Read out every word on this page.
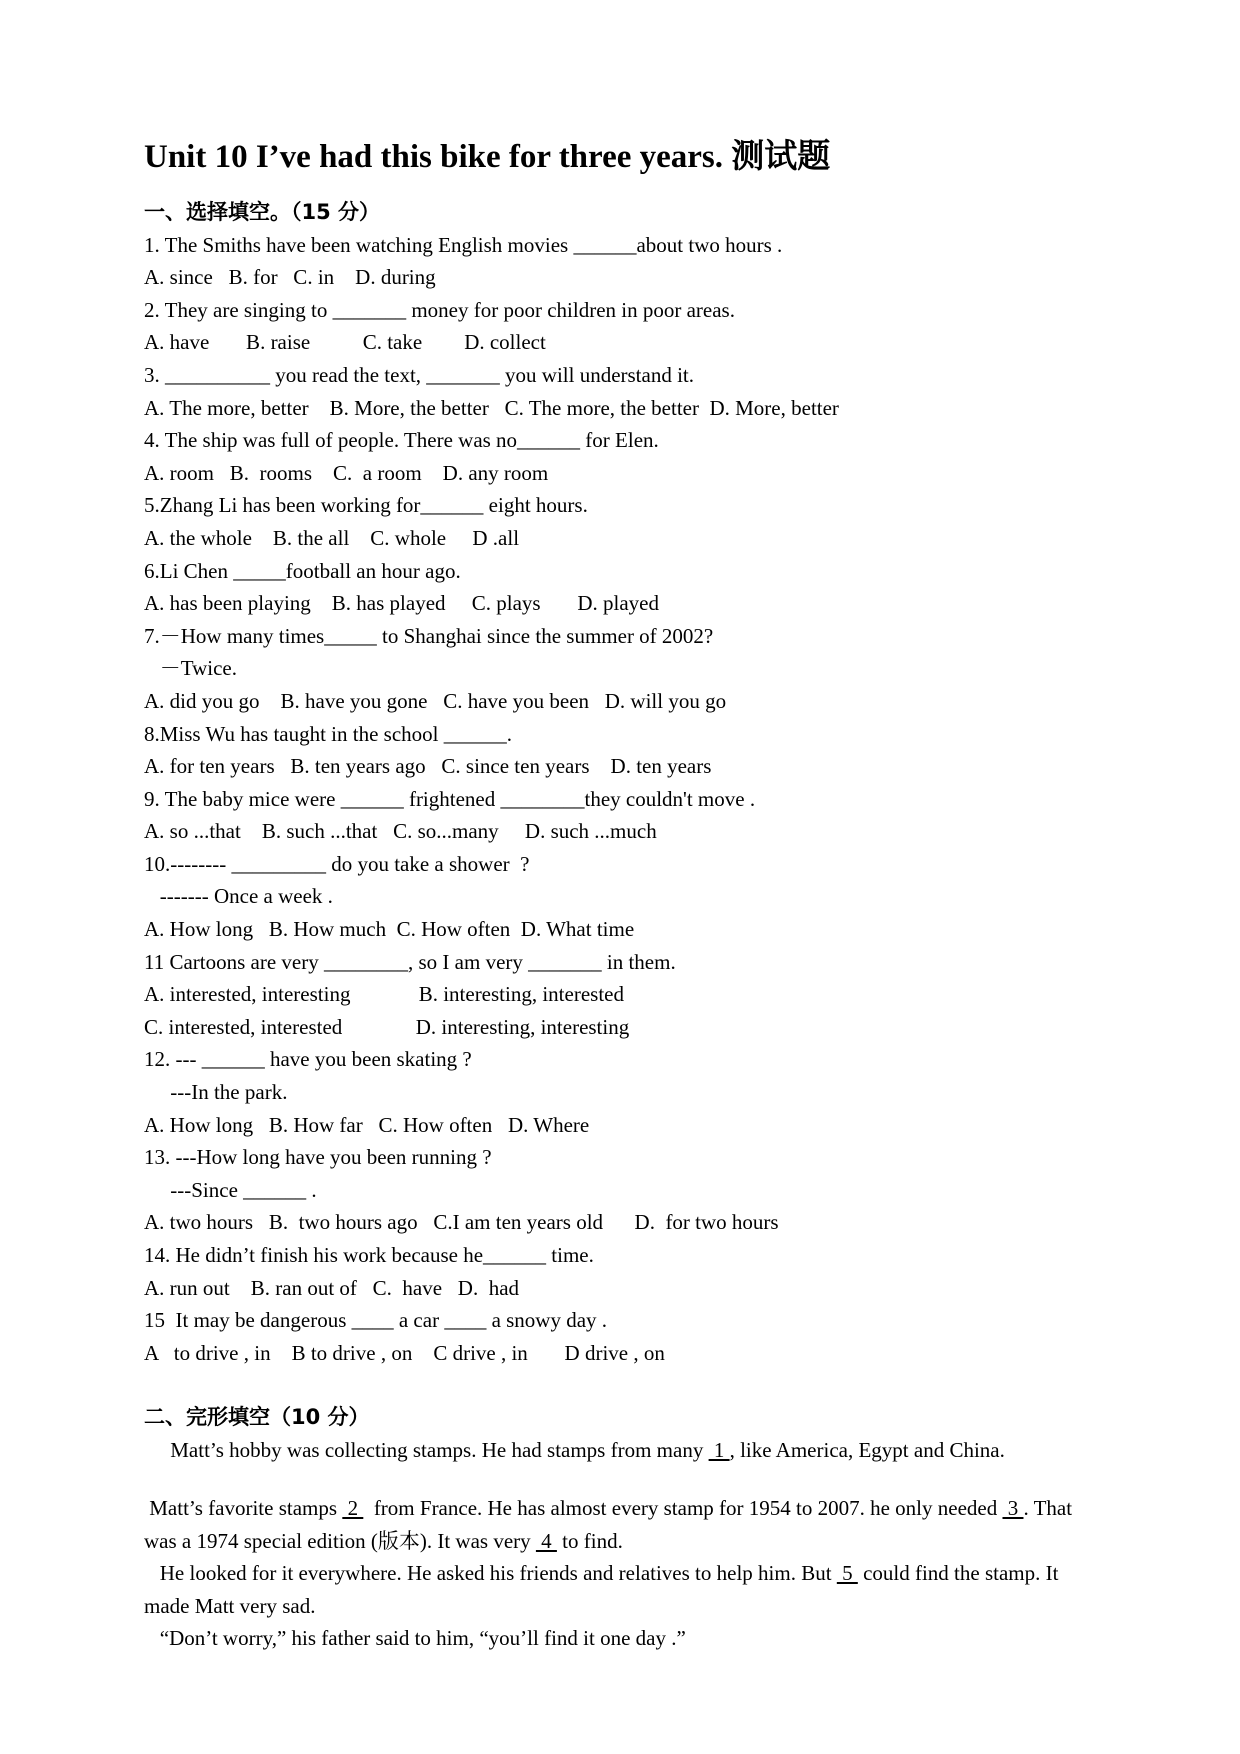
Unit 10 I’ve had this bike for three years. 测试题
一、选择填空。（15 分）
1. The Smiths have been watching English movies ______about two hours .
A. since   B. for   C. in    D. during
2. They are singing to _______ money for poor children in poor areas.
A. have       B. raise          C. take        D. collect
3. __________ you read the text, _______ you will understand it.
A. The more, better    B. More, the better   C. The more, the better  D. More, better
4. The ship was full of people. There was no______ for Elen.
A. room   B.  rooms    C.  a room    D. any room
5.Zhang Li has been working for______ eight hours.
A. the whole    B. the all    C. whole     D .all
6.Li Chen _____football an hour ago.
A. has been playing    B. has played     C. plays       D. played
7.－How many times_____ to Shanghai since the summer of 2002?
－Twice.
A. did you go    B. have you gone   C. have you been   D. will you go
8.Miss Wu has taught in the school ______.
A. for ten years   B. ten years ago   C. since ten years    D. ten years
9. The baby mice were ______ frightened ________they couldn't move .
A. so ...that    B. such ...that   C. so...many     D. such ...much
10.-------- _________ do you take a shower  ?
------- Once a week .
A. How long   B. How much  C. How often  D. What time
11 Cartoons are very ________, so I am very _______ in them.
A. interested, interesting             B. interesting, interested
C. interested, interested              D. interesting, interesting
12. --- ______ have you been skating ?
---In the park.
A. How long   B. How far   C. How often   D. Where
13. ---How long have you been running ?
---Since ______ .
A. two hours   B.  two hours ago   C.I am ten years old      D.  for two hours
14. He didn’t finish his work because he______ time.
A. run out    B. ran out of   C.  have   D.  had
15  It may be dangerous ____ a car ____ a snowy day .
A   to drive , in    B to drive , on    C drive , in       D drive , on
二、完形填空（10 分）
Matt’s hobby was collecting stamps. He had stamps from many  1 , like America, Egypt and China.
Matt’s favorite stamps  2   from France. He has almost every stamp for 1954 to 2007. he only needed  3 . That was a 1974 special edition (版本). It was very  4  to find.
He looked for it everywhere. He asked his friends and relatives to help him. But  5  could find the stamp. It made Matt very sad.
“Don’t worry,” his father said to him, “you’ll find it one day .”
